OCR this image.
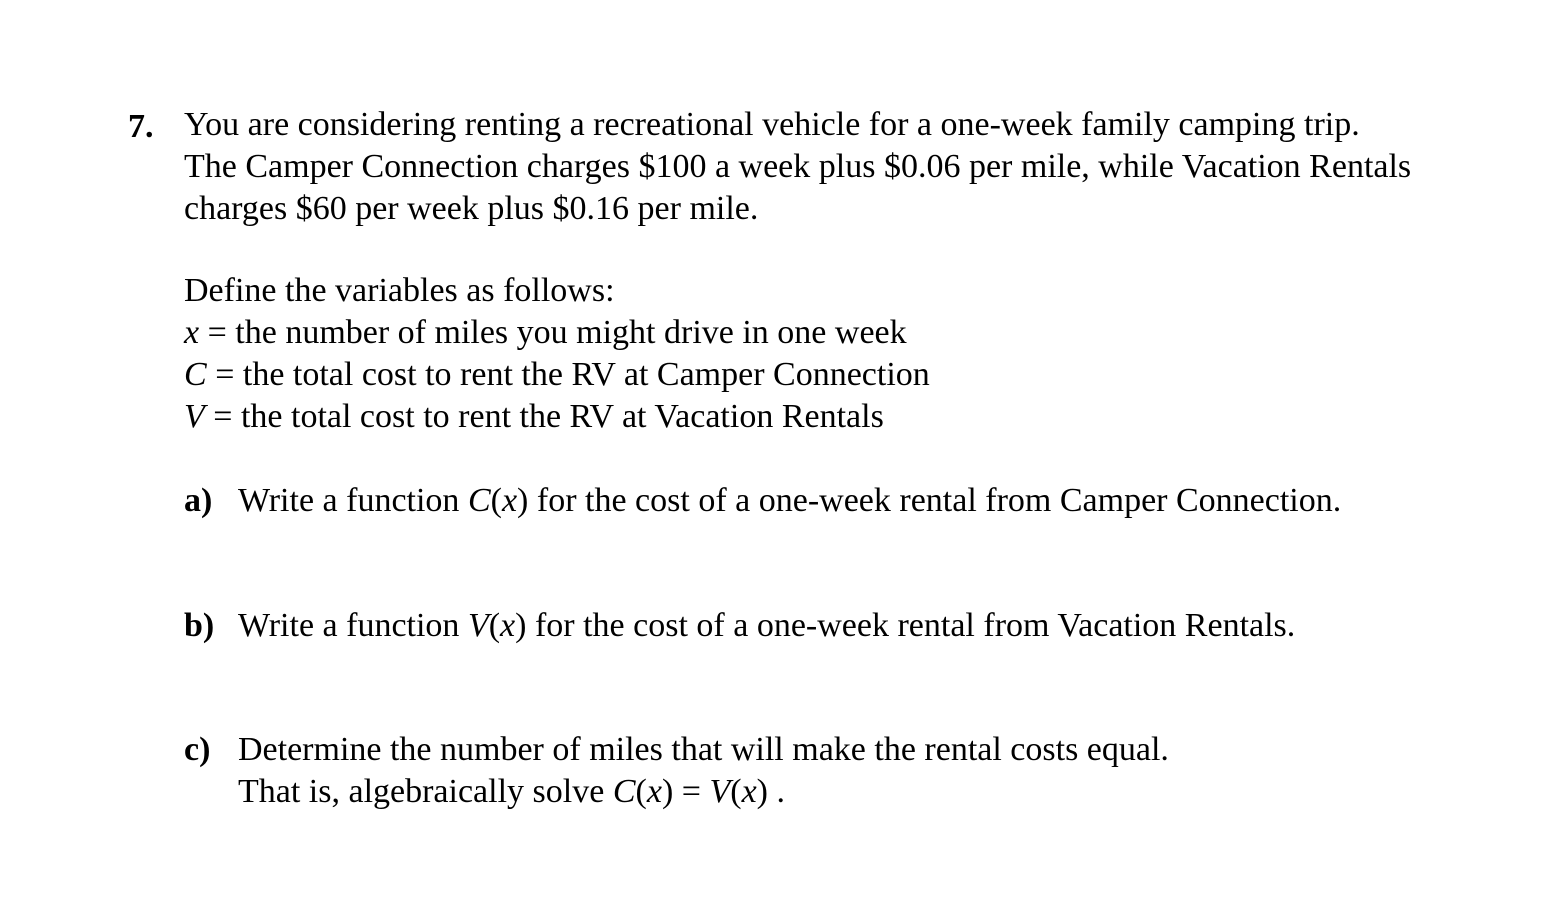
7. You are considering renting a recreational vehicle for a one-week family camping trip.
The Camper Connection charges $100 a week plus $0.06 per mile, while Vacation Rentals
charges $60 per week plus $0.16 per mile.
Define the variables as follows:
x = the number of miles you might drive in one week
C = the total cost to rent the RV at Camper Connection
V = the total cost to rent the RV at Vacation Rentals
a) Write a function C(x) for the cost of a one-week rental from Camper Connection.
b) Write a function V(x) for the cost of a one-week rental from Vacation Rentals.
c) Determine the number of miles that will make the rental costs equal.
That is, algebraically solve C(x) = V(x) .
